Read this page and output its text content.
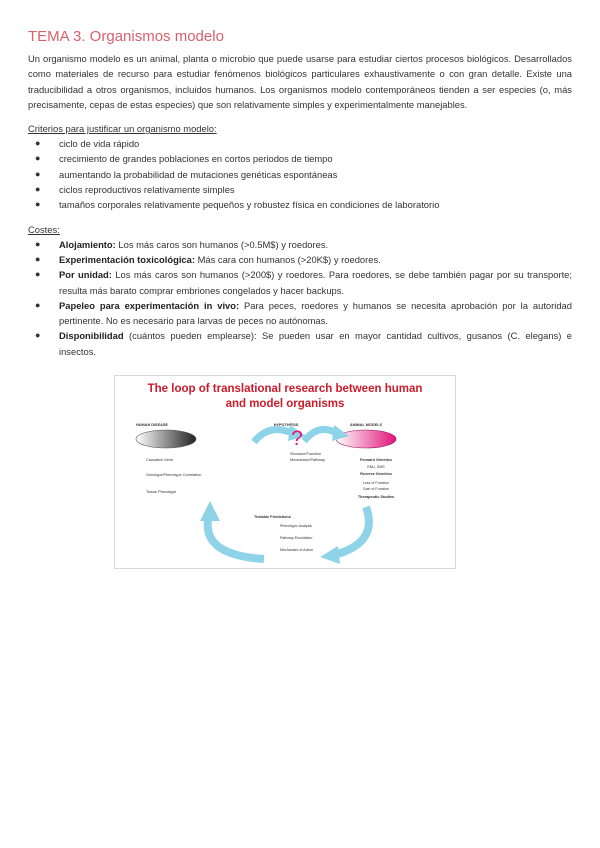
TEMA 3. Organismos modelo

Un organismo modelo es un animal, planta o microbio que puede usarse para estudiar ciertos procesos biológicos. Desarrollados como materiales de recurso para estudiar fenómenos biológicos particulares exhaustivamente o con gran detalle. Existe una traducibilidad a otros organismos, incluidos humanos. Los organismos modelo contemporáneos tienden a ser especies (o, más precisamente, cepas de estas especies) que son relativamente simples y experimentalmente manejables.

Criterios para justificar un organismo modelo:
● ciclo de vida rápido
● crecimiento de grandes poblaciones en cortos periodos de tiempo
● aumentando la probabilidad de mutaciones genéticas espontáneas
● ciclos reproductivos relativamente simples
● tamaños corporales relativamente pequeños y robustez física en condiciones de laboratorio
Costes:
● Alojamiento: Los más caros son humanos (>0.5M$) y roedores.
● Experimentación toxicológica: Más cara con humanos (>20K$) y roedores.
● Por unidad: Los más caros son humanos (>200$) y roedores. Para roedores, se debe también pagar por su transporte; resulta más barato comprar embriones congelados y hacer backups.
● Papeleo para experimentación in vivo: Para peces, roedores y humanos se necesita aprobación por la autoridad pertinente. No es necesario para larvas de peces no autónomas.
● Disponibilidad (cuántos pueden emplearse): Se pueden usar en mayor cantidad cultivos, gusanos (C. elegans) e insectos.
The loop of translational research between human
and model organisms
HUMAN DISEASE	HYPOTHESIS	ANIMAL MODELS
?
Causative Gene
Genotype/Phenotype Correlation
Tissue Phenotype
Structure/Function
Mechanism/Pathway	Forward Genetics
ENU, SMS
Reverse Genetics
Loss of Function
Gain of Function
Therapeutic Studies
Testable Predictions
Phenotypic Analysis
Pathway Elucidation
Mechanism of Action
